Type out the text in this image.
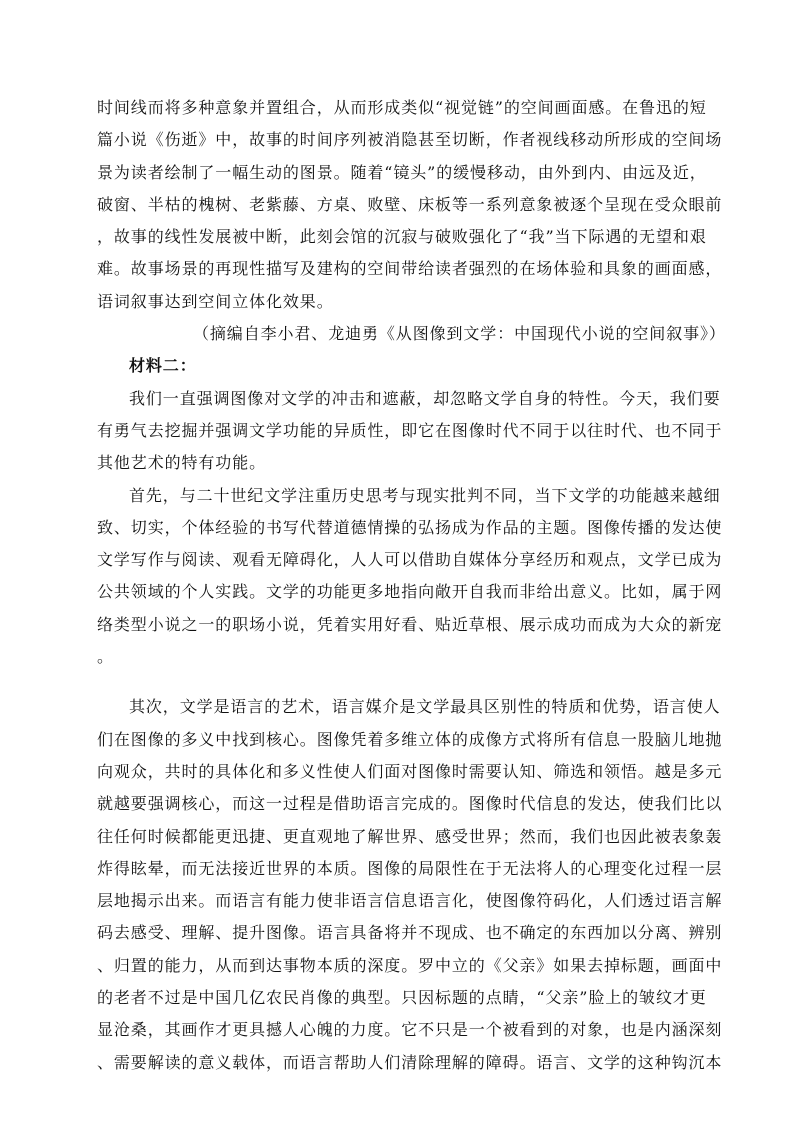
时间线而将多种意象并置组合，从而形成类似“视觉链”的空间画面感。在鲁迅的短
篇小说《伤逝》中，故事的时间序列被消隐甚至切断，作者视线移动所形成的空间场
景为读者绘制了一幅生动的图景。随着“镜头”的缓慢移动，由外到内、由远及近，
破窗、半枯的槐树、老紫藤、方桌、败壁、床板等一系列意象被逐个呈现在受众眼前
，故事的线性发展被中断，此刻会馆的沉寂与破败强化了“我”当下际遇的无望和艰
难。故事场景的再现性描写及建构的空间带给读者强烈的在场体验和具象的画面感，
语词叙事达到空间立体化效果。
（摘编自李小君、龙迪勇《从图像到文学：中国现代小说的空间叙事》）
材料二：
我们一直强调图像对文学的冲击和遮蔽，却忽略文学自身的特性。今天，我们要
有勇气去挖掘并强调文学功能的异质性，即它在图像时代不同于以往时代、也不同于
其他艺术的特有功能。
首先，与二十世纪文学注重历史思考与现实批判不同，当下文学的功能越来越细
致、切实，个体经验的书写代替道德情操的弘扬成为作品的主题。图像传播的发达使
文学写作与阅读、观看无障碍化，人人可以借助自媒体分享经历和观点，文学已成为
公共领域的个人实践。文学的功能更多地指向敞开自我而非给出意义。比如，属于网
络类型小说之一的职场小说，凭着实用好看、贴近草根、展示成功而成为大众的新宠
。
其次，文学是语言的艺术，语言媒介是文学最具区别性的特质和优势，语言使人
们在图像的多义中找到核心。图像凭着多维立体的成像方式将所有信息一股脑儿地抛
向观众，共时的具体化和多义性使人们面对图像时需要认知、筛选和领悟。越是多元
就越要强调核心，而这一过程是借助语言完成的。图像时代信息的发达，使我们比以
往任何时候都能更迅捷、更直观地了解世界、感受世界；然而，我们也因此被表象轰
炸得眩晕，而无法接近世界的本质。图像的局限性在于无法将人的心理变化过程一层
层地揭示出来。而语言有能力使非语言信息语言化，使图像符码化，人们透过语言解
码去感受、理解、提升图像。语言具备将并不现成、也不确定的东西加以分离、辨别
、归置的能力，从而到达事物本质的深度。罗中立的《父亲》如果去掉标题，画面中
的老者不过是中国几亿农民肖像的典型。只因标题的点睛，“父亲”脸上的皱纹才更
显沧桑，其画作才更具撼人心魄的力度。它不只是一个被看到的对象，也是内涵深刻
、需要解读的意义载体，而语言帮助人们清除理解的障碍。语言、文学的这种钩沉本
